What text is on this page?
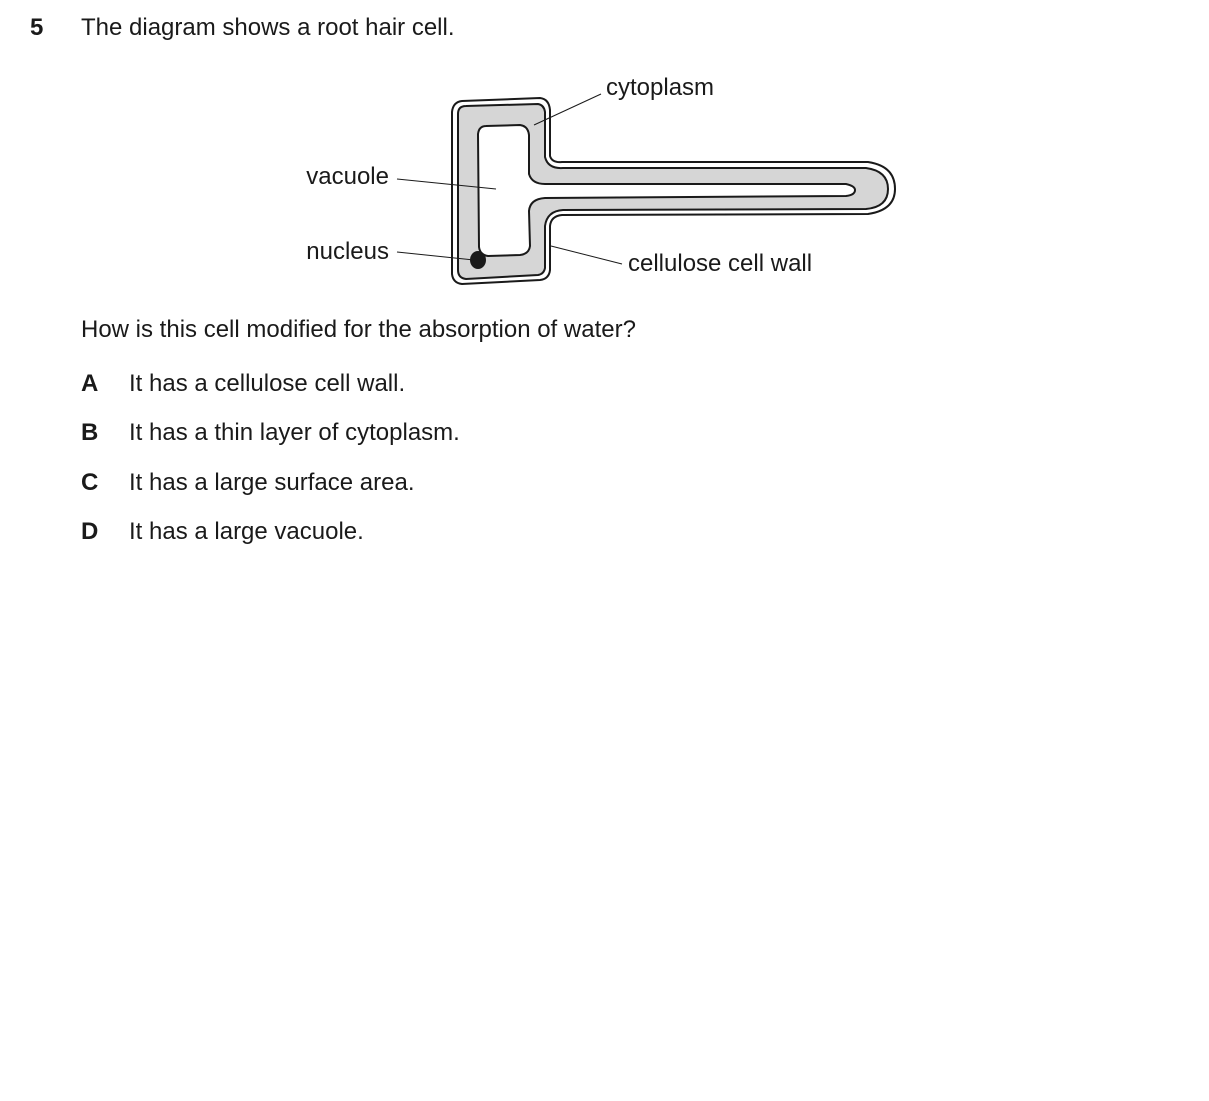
5 The diagram shows a root hair cell.
cytoplasm
vacuole
nucleus	cellulose cell wall
How is this cell modified for the absorption of water?
A It has a cellulose cell wall.
B It has a thin layer of cytoplasm.
C It has a large surface area.
D It has a large vacuole.
